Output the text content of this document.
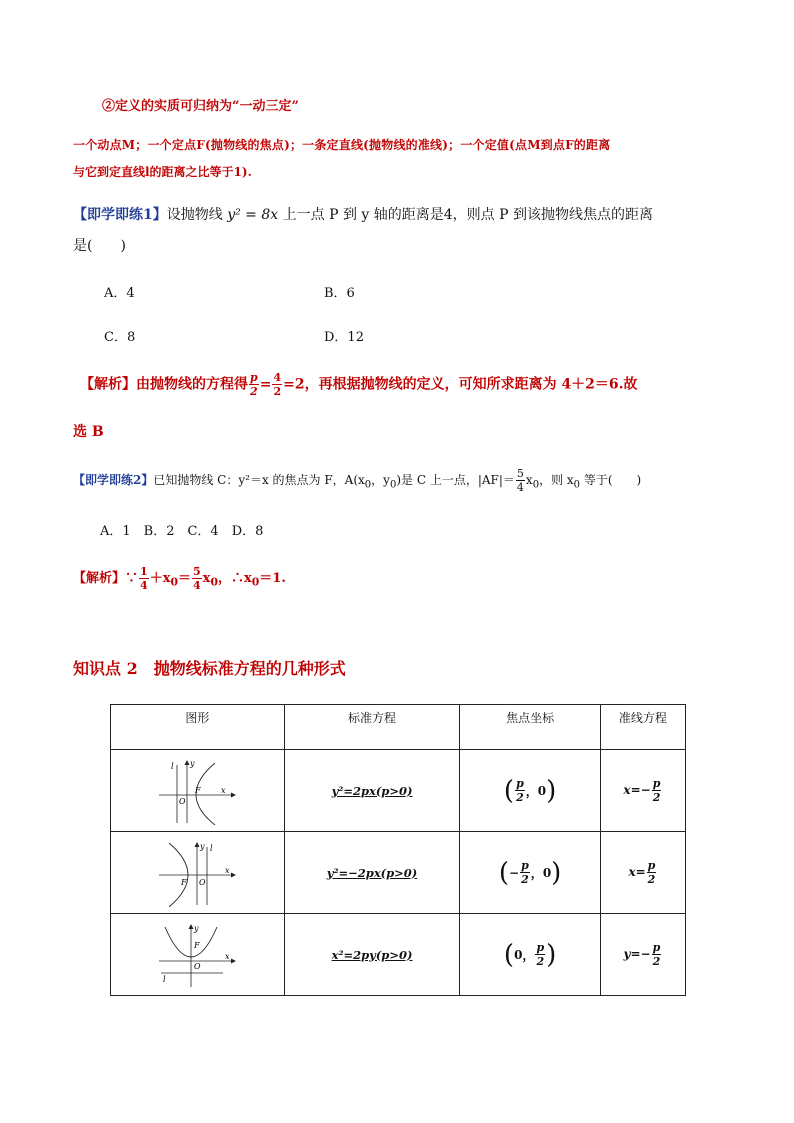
②定义的实质可归纳为“一动三定”
一个动点M；一个定点F(抛物线的焦点)；一条定直线(抛物线的准线)；一个定值(点M到点F的距离
与它到定直线l的距离之比等于1).
【即学即练1】设抛物线 y² = 8x 上一点 P 到 y 轴的距离是4，则点 P 到该抛物线焦点的距离
是(　　)
A．4	B．6
C．8	D．12
【解析】由抛物线的方程得 $\frac{p}{2} = \frac{4}{2} =2$，再根据抛物线的定义，可知所求距离为 4＋2＝6.故
选 B
【即学即练2】已知抛物线 C：y²＝x 的焦点为 F，$A(x_0$，$y_0$)是 C 上一点，$|AF|= \frac{5}{4} x_0$，则 $x_0$ 等于(　　)
A．1　B．2　C．4　D．8
【解析】∵ $\frac{1}{4} +x_0= \frac{5}{4} x_0$，$\therefore x_0=1$.
知识点 2　抛物线标准方程的几种形式
图形	标准方程	焦点坐标	准线方程

l y
O
F x	y²=2px(p>0)	( $\frac{p}{2}$ ，0)	$x=- \frac{p}{2}$

y l
F O
x	y²=−2px(p>0)	(− $\frac{p}{2}$ ，0)	$x= \frac{p}{2}$

y
F
O
x
l	x²=2py(p>0)	(0， $\frac{p}{2}$ )	$y=- \frac{p}{2}$
